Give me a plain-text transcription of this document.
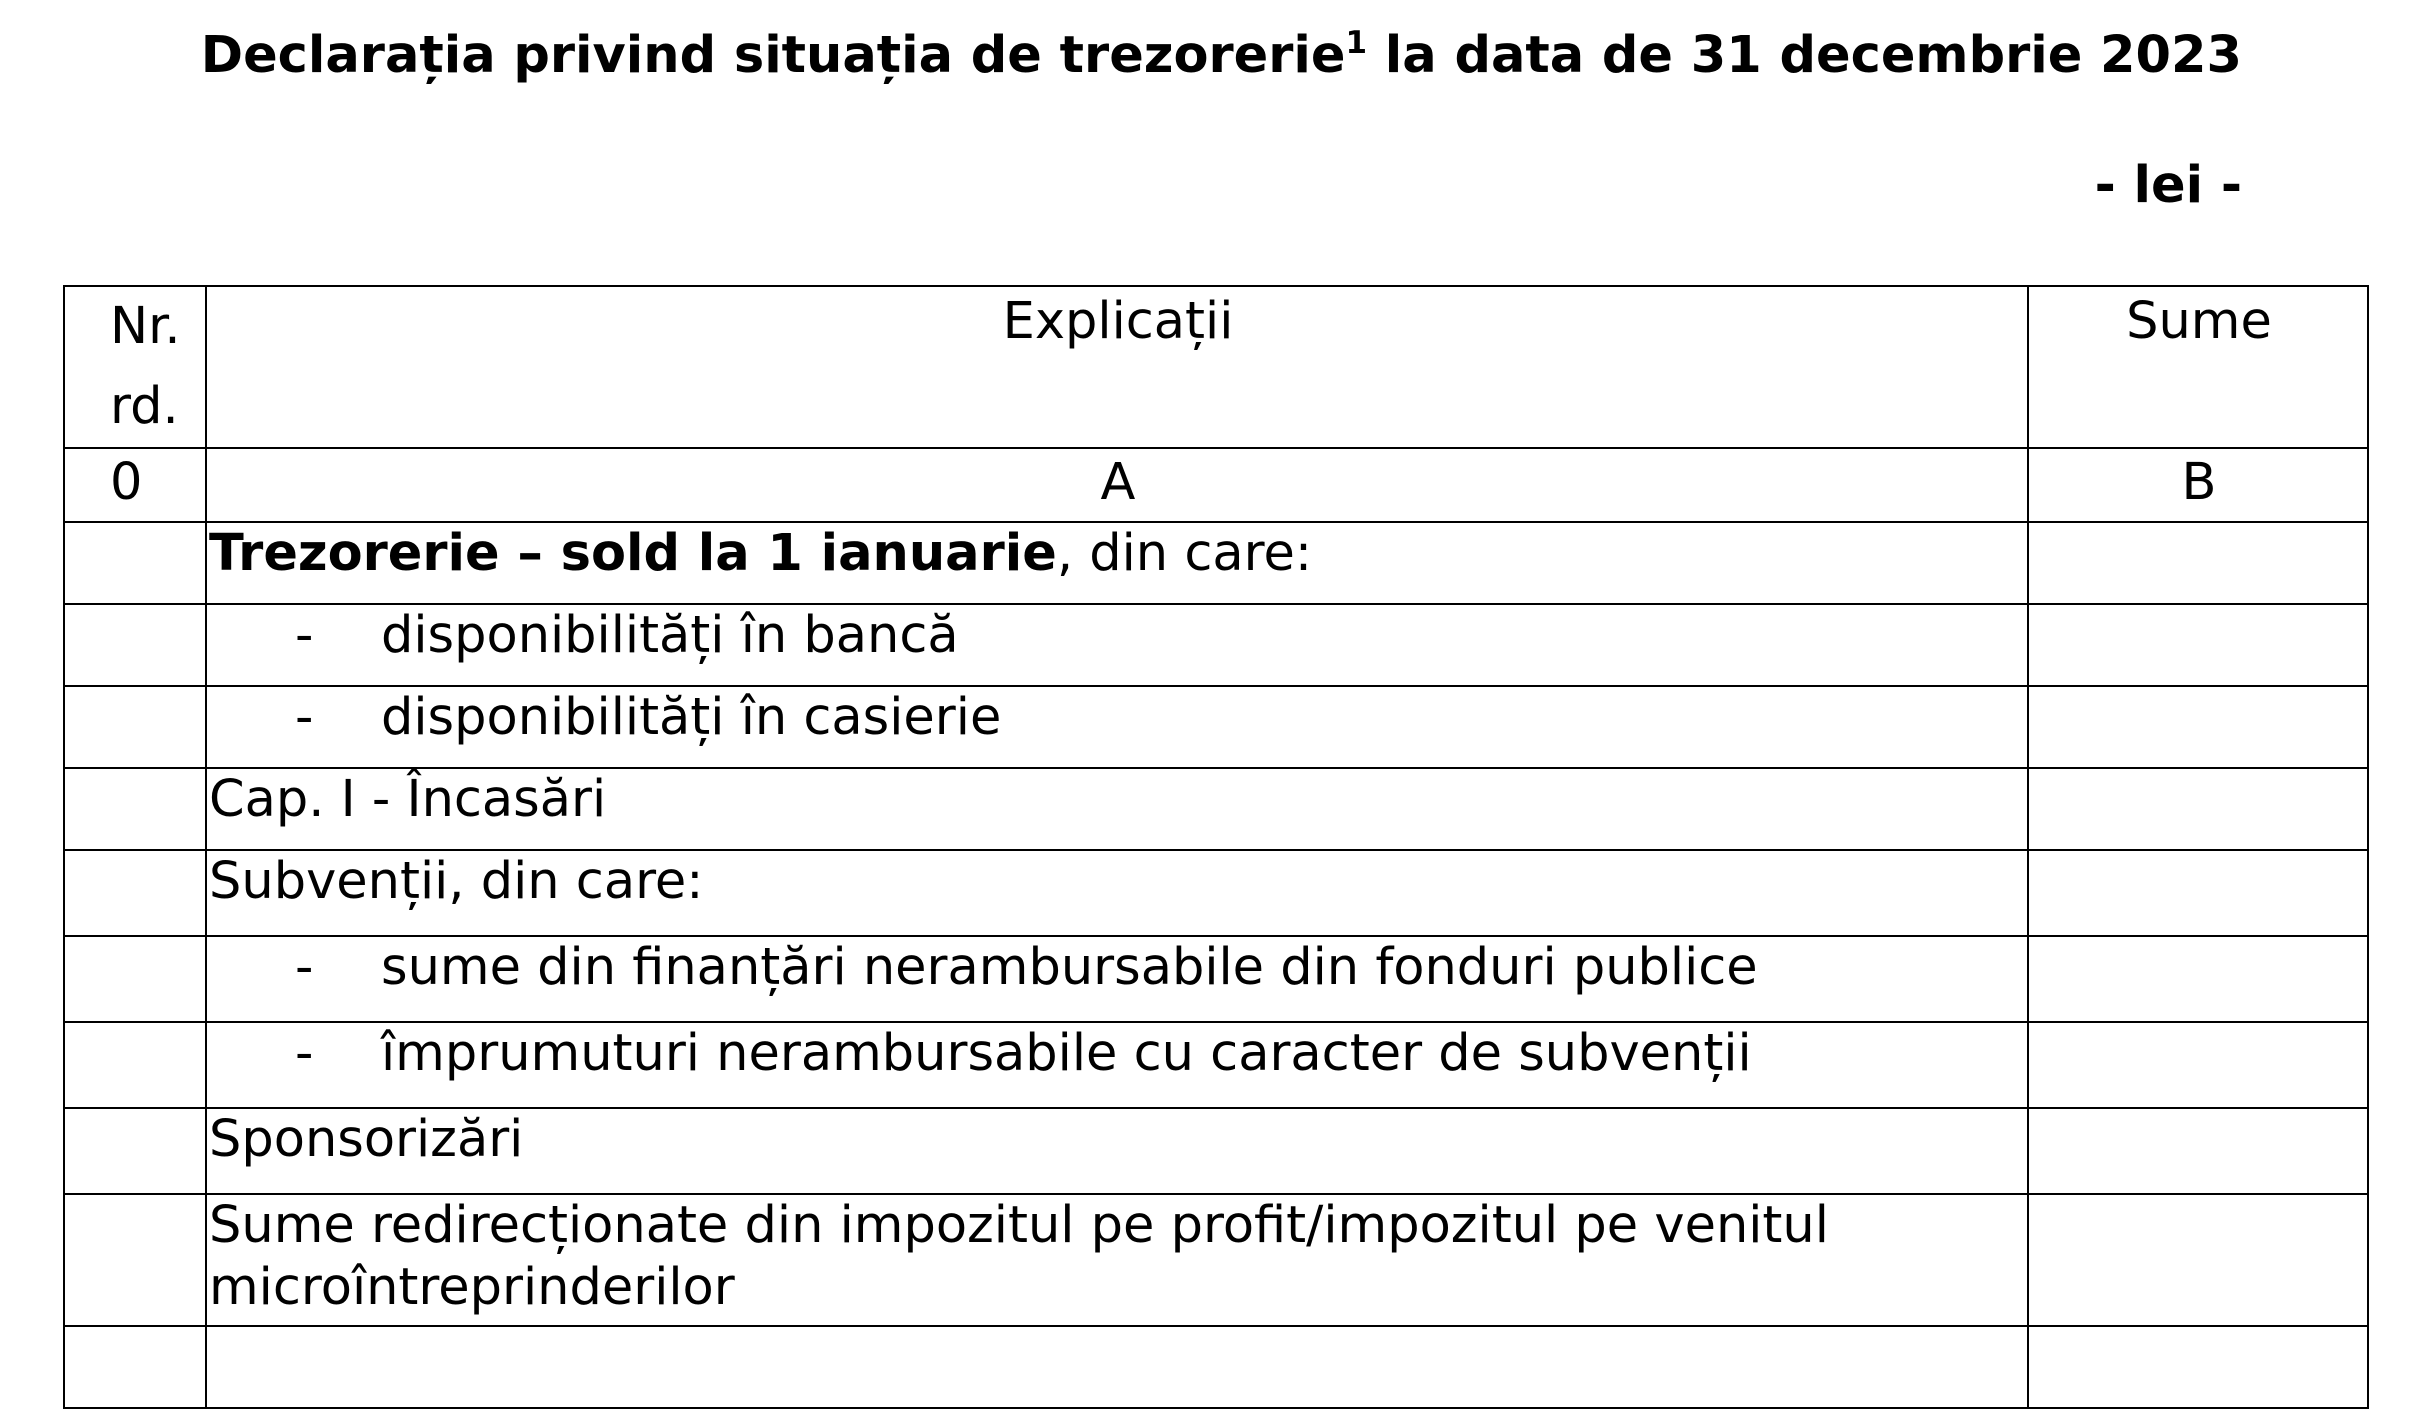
Declarația privind situația de trezorerie$^1$ la data de 31 decembrie 2023
- lei -
Nr. rd.	Explicații	Sume
0	A	B
	Trezorerie – sold la 1 ianuarie, din care:	
	- disponibilități în bancă	
	- disponibilități în casierie	
	Cap. I - Încasări	
	Subvenții, din care:	
	- sume din finanțări nerambursabile din fonduri publice	
	- împrumuturi nerambursabile cu caracter de subvenții	
	Sponsorizări	
	Sume redirecționate din impozitul pe profit/impozitul pe venitul microîntreprinderilor	
